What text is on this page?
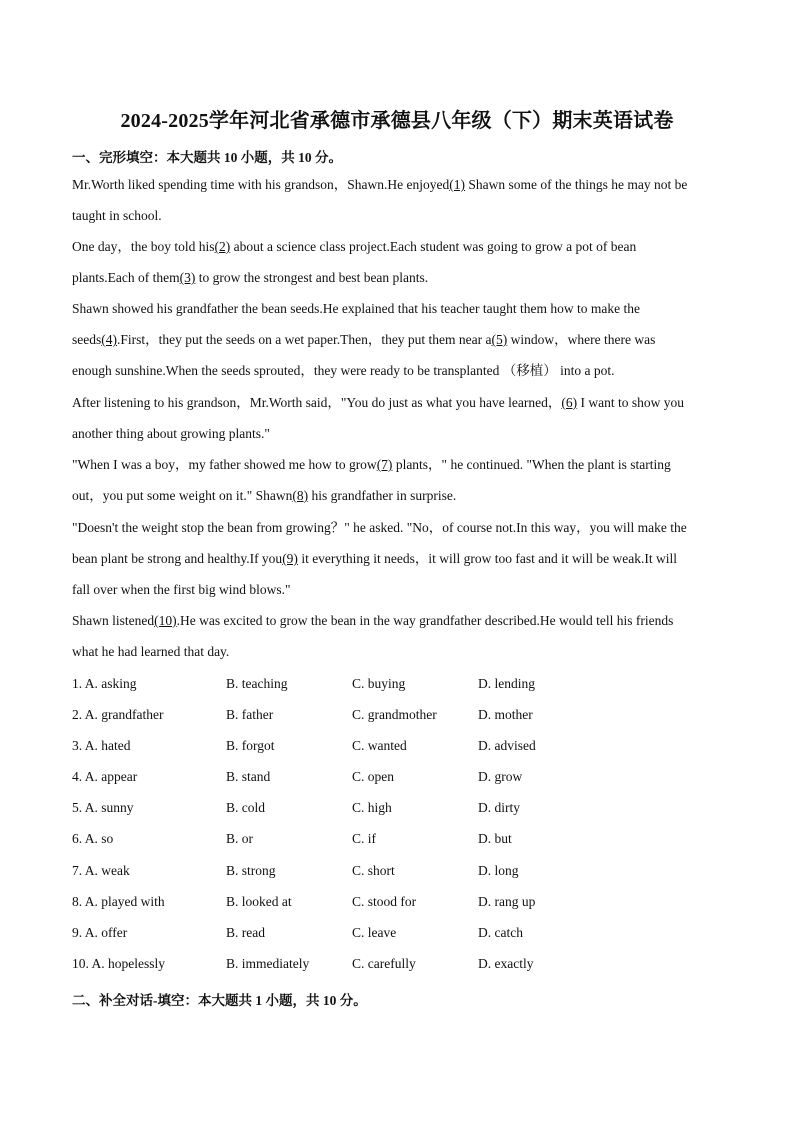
2024-2025学年河北省承德市承德县八年级（下）期末英语试卷
一、完形填空：本大题共 10 小题，共 10 分。
Mr.Worth liked spending time with his grandson，Shawn.He enjoyed(1) Shawn some of the things he may not be
taught in school.
One day，the boy told his(2) about a science class project.Each student was going to grow a pot of bean
plants.Each of them(3) to grow the strongest and best bean plants.
Shawn showed his grandfather the bean seeds.He explained that his teacher taught them how to make the
seeds(4).First，they put the seeds on a wet paper.Then，they put them near a(5) window，where there was
enough sunshine.When the seeds sprouted，they were ready to be transplanted （移植） into a pot.
After listening to his grandson，Mr.Worth said，"You do just as what you have learned，(6) I want to show you
another thing about growing plants."
"When I was a boy，my father showed me how to grow(7) plants，" he continued. "When the plant is starting
out，you put some weight on it." Shawn(8) his grandfather in surprise.
"Doesn't the weight stop the bean from growing？" he asked. "No，of course not.In this way，you will make the
bean plant be strong and healthy.If you(9) it everything it needs，it will grow too fast and it will be weak.It will
fall over when the first big wind blows."
Shawn listened(10).He was excited to grow the bean in the way grandfather described.He would tell his friends
what he had learned that day.
1. A. asking	B. teaching	C. buying	D. lending
2. A. grandfather	B. father	C. grandmother	D. mother
3. A. hated	B. forgot	C. wanted	D. advised
4. A. appear	B. stand	C. open	D. grow
5. A. sunny	B. cold	C. high	D. dirty
6. A. so	B. or	C. if	D. but
7. A. weak	B. strong	C. short	D. long
8. A. played with	B. looked at	C. stood for	D. rang up
9. A. offer	B. read	C. leave	D. catch
10. A. hopelessly	B. immediately	C. carefully	D. exactly
二、补全对话-填空：本大题共 1 小题，共 10 分。
